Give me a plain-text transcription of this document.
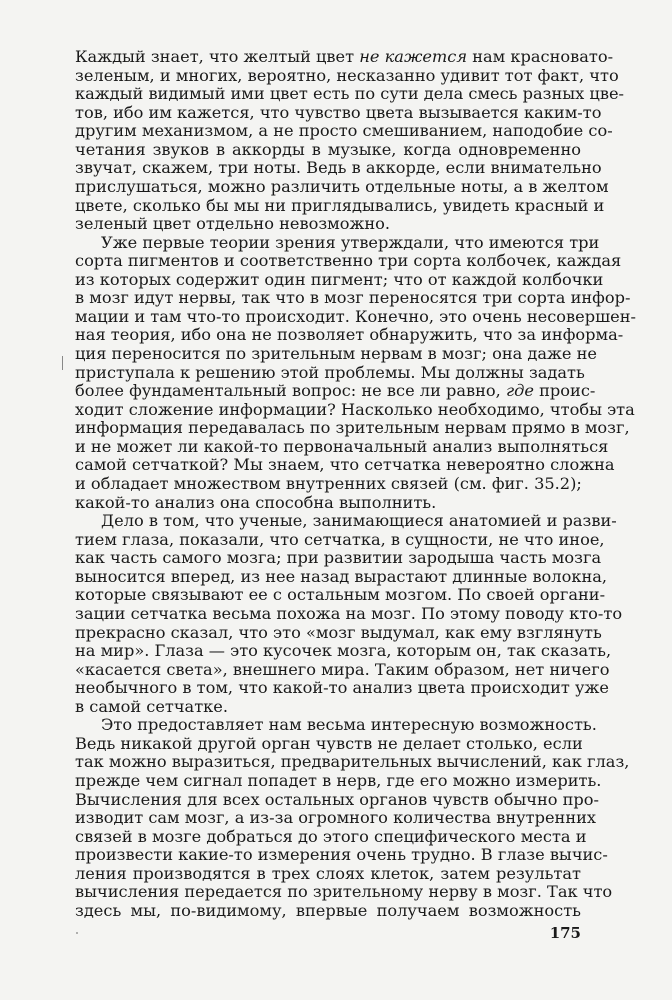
Каждый знает, что желтый цвет не кажется нам красновато-
зеленым, и многих, вероятно, несказанно удивит тот факт, что
каждый видимый ими цвет есть по сути дела смесь разных цве-
тов, ибо им кажется, что чувство цвета вызывается каким-то
другим механизмом, а не просто смешиванием, наподобие со-
четания звуков в аккорды в музыке, когда одновременно
звучат, скажем, три ноты. Ведь в аккорде, если внимательно
прислушаться, можно различить отдельные ноты, а в желтом
цвете, сколько бы мы ни приглядывались, увидеть красный и
зеленый цвет отдельно невозможно.
Уже первые теории зрения утверждали, что имеются три
сорта пигментов и соответственно три сорта колбочек, каждая
из которых содержит один пигмент; что от каждой колбочки
в мозг идут нервы, так что в мозг переносятся три сорта инфор-
мации и там что-то происходит. Конечно, это очень несовершен-
ная теория, ибо она не позволяет обнаружить, что за информа-
ция переносится по зрительным нервам в мозг; она даже не
приступала к решению этой проблемы. Мы должны задать
более фундаментальный вопрос: не все ли равно, где проис-
ходит сложение информации? Насколько необходимо, чтобы эта
информация передавалась по зрительным нервам прямо в мозг,
и не может ли какой-то первоначальный анализ выполняться
самой сетчаткой? Мы знаем, что сетчатка невероятно сложна
и обладает множеством внутренних связей (см. фиг. 35.2);
какой-то анализ она способна выполнить.
Дело в том, что ученые, занимающиеся анатомией и разви-
тием глаза, показали, что сетчатка, в сущности, не что иное,
как часть самого мозга; при развитии зародыша часть мозга
выносится вперед, из нее назад вырастают длинные волокна,
которые связывают ее с остальным мозгом. По своей органи-
зации сетчатка весьма похожа на мозг. По этому поводу кто-то
прекрасно сказал, что это «мозг выдумал, как ему взглянуть
на мир». Глаза — это кусочек мозга, которым он, так сказать,
«касается света», внешнего мира. Таким образом, нет ничего
необычного в том, что какой-то анализ цвета происходит уже
в самой сетчатке.
Это предоставляет нам весьма интересную возможность.
Ведь никакой другой орган чувств не делает столько, если
так можно выразиться, предварительных вычислений, как глаз,
прежде чем сигнал попадет в нерв, где его можно измерить.
Вычисления для всех остальных органов чувств обычно про-
изводит сам мозг, а из-за огромного количества внутренних
связей в мозге добраться до этого специфического места и
произвести какие-то измерения очень трудно. В глазе вычис-
ления производятся в трех слоях клеток, затем результат
вычисления передается по зрительному нерву в мозг. Так что
здесь мы, по-видимому, впервые получаем возможность
175
